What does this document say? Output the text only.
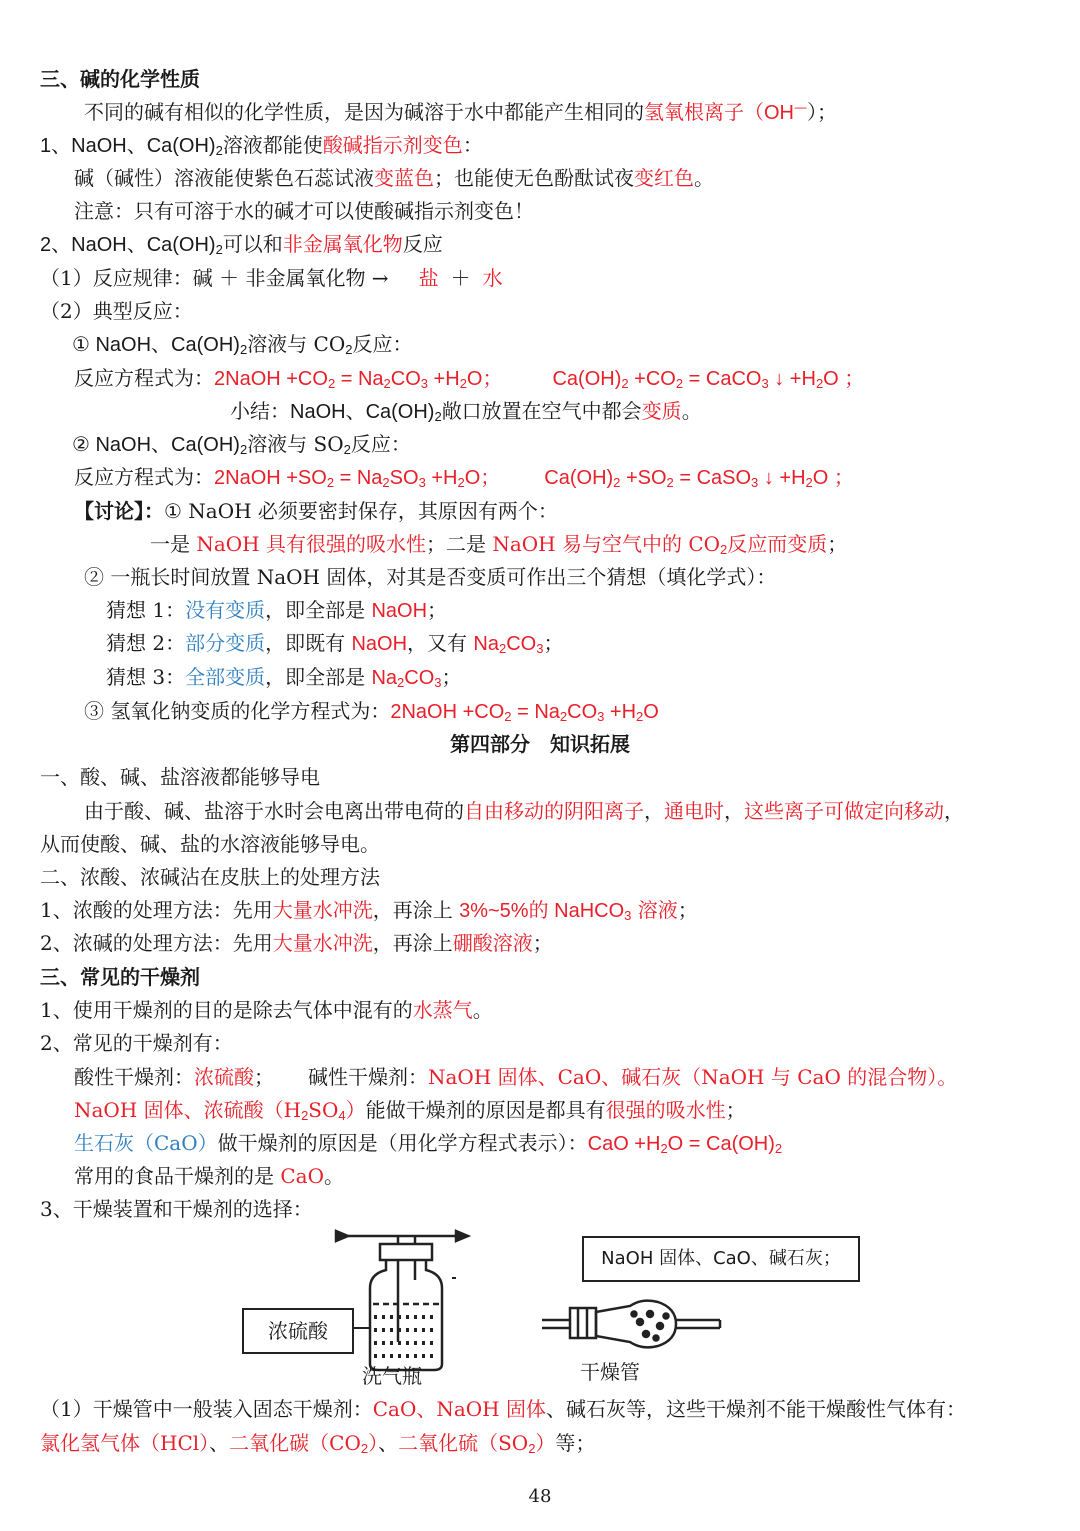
三、碱的化学性质
不同的碱有相似的化学性质，是因为碱溶于水中都能产生相同的氢氧根离子（OH—）；
1、NaOH、$Ca(OH)_2$溶液都能使酸碱指示剂变色：
碱（碱性）溶液能使紫色石蕊试液变蓝色；也能使无色酚酞试夜变红色。
注意：只有可溶于水的碱才可以使酸碱指示剂变色！
2、NaOH、$Ca(OH)_2$可以和非金属氧化物反应
（1）反应规律：碱 ＋ 非金属氧化物 → 盐 ＋ 水
（2）典型反应：
① NaOH、$Ca(OH)_2$溶液与 $CO_2$反应：
反应方程式为：2NaOH $+CO_2 = Na_2CO_3 +H_2O$；	$Ca(OH)_2 +CO_2$ = CaCO$_3$ ↓ $+H_2O$ ；
小结：NaOH、$Ca(OH)_2$敞口放置在空气中都会变质。
② NaOH、$Ca(OH)_2$溶液与 $SO_2$反应：
反应方程式为：2NaOH $+SO_2 = Na_2SO_3 +H_2O$； $Ca(OH)_2 +SO_2$ = CaSO$_3$ ↓ $+H_2O$ ；
【讨论】：① NaOH 必须要密封保存，其原因有两个：
一是 NaOH 具有很强的吸水性；二是 NaOH 易与空气中的 $CO_2$反应而变质；
② 一瓶长时间放置 NaOH 固体，对其是否变质可作出三个猜想（填化学式）：
猜想 1：没有变质，即全部是 NaOH；
猜想 2：部分变质，即既有 NaOH，又有 $Na_2CO_3$；
猜想 3：全部变质，即全部是 $Na_2CO_3$；
③ 氢氧化钠变质的化学方程式为：2NaOH $+CO_2 = Na_2CO_3 +H_2O$
第四部分　知识拓展
一、酸、碱、盐溶液都能够导电
由于酸、碱、盐溶于水时会电离出带电荷的自由移动的阴阳离子，通电时，这些离子可做定向移动，
从而使酸、碱、盐的水溶液能够导电。
二、浓酸、浓碱沾在皮肤上的处理方法
1、浓酸的处理方法：先用大量水冲洗，再涂上 3%~5%的 NaHCO$_3$ 溶液；
2、浓碱的处理方法：先用大量水冲洗，再涂上硼酸溶液；
三、常见的干燥剂
1、使用干燥剂的目的是除去气体中混有的水蒸气。
2、常见的干燥剂有：
酸性干燥剂：浓硫酸； 碱性干燥剂：NaOH 固体、CaO、碱石灰（NaOH 与 CaO 的混合物）。
NaOH 固体、浓硫酸$(H_2SO_4)$能做干燥剂的原因是都具有很强的吸水性；
生石灰（CaO）做干燥剂的原因是（用化学方程式表示）：CaO $+H_2O = Ca(OH)_2$
常用的食品干燥剂的是 CaO。
3、干燥装置和干燥剂的选择：
浓硫酸
洗气瓶
NaOH 固体、CaO、碱石灰；
干燥管
（1）干燥管中一般装入固态干燥剂：CaO、NaOH 固体、碱石灰等，这些干燥剂不能干燥酸性气体有：
氯化氢气体（HCl）、二氧化碳$(CO_2)$、二氧化硫$(SO_2)$等；
48
